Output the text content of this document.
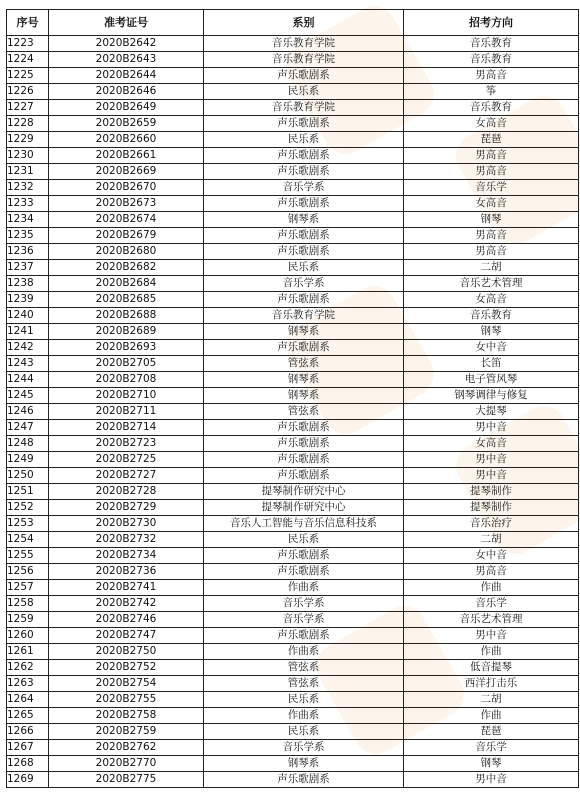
序号	准考证号	系别	招考方向
1223	2020B2642	音乐教育学院	音乐教育
1224	2020B2643	音乐教育学院	音乐教育
1225	2020B2644	声乐歌剧系	男高音
1226	2020B2646	民乐系	筝
1227	2020B2649	音乐教育学院	音乐教育
1228	2020B2659	声乐歌剧系	女高音
1229	2020B2660	民乐系	琵琶
1230	2020B2661	声乐歌剧系	男高音
1231	2020B2669	声乐歌剧系	男高音
1232	2020B2670	音乐学系	音乐学
1233	2020B2673	声乐歌剧系	女高音
1234	2020B2674	钢琴系	钢琴
1235	2020B2679	声乐歌剧系	男高音
1236	2020B2680	声乐歌剧系	男高音
1237	2020B2682	民乐系	二胡
1238	2020B2684	音乐学系	音乐艺术管理
1239	2020B2685	声乐歌剧系	女高音
1240	2020B2688	音乐教育学院	音乐教育
1241	2020B2689	钢琴系	钢琴
1242	2020B2693	声乐歌剧系	女中音
1243	2020B2705	管弦系	长笛
1244	2020B2708	钢琴系	电子管风琴
1245	2020B2710	钢琴系	钢琴调律与修复
1246	2020B2711	管弦系	大提琴
1247	2020B2714	声乐歌剧系	男中音
1248	2020B2723	声乐歌剧系	女高音
1249	2020B2725	声乐歌剧系	男中音
1250	2020B2727	声乐歌剧系	男中音
1251	2020B2728	提琴制作研究中心	提琴制作
1252	2020B2729	提琴制作研究中心	提琴制作
1253	2020B2730	音乐人工智能与音乐信息科技系	音乐治疗
1254	2020B2732	民乐系	二胡
1255	2020B2734	声乐歌剧系	女中音
1256	2020B2736	声乐歌剧系	男高音
1257	2020B2741	作曲系	作曲
1258	2020B2742	音乐学系	音乐学
1259	2020B2746	音乐学系	音乐艺术管理
1260	2020B2747	声乐歌剧系	男中音
1261	2020B2750	作曲系	作曲
1262	2020B2752	管弦系	低音提琴
1263	2020B2754	管弦系	西洋打击乐
1264	2020B2755	民乐系	二胡
1265	2020B2758	作曲系	作曲
1266	2020B2759	民乐系	琵琶
1267	2020B2762	音乐学系	音乐学
1268	2020B2770	钢琴系	钢琴
1269	2020B2775	声乐歌剧系	男中音
